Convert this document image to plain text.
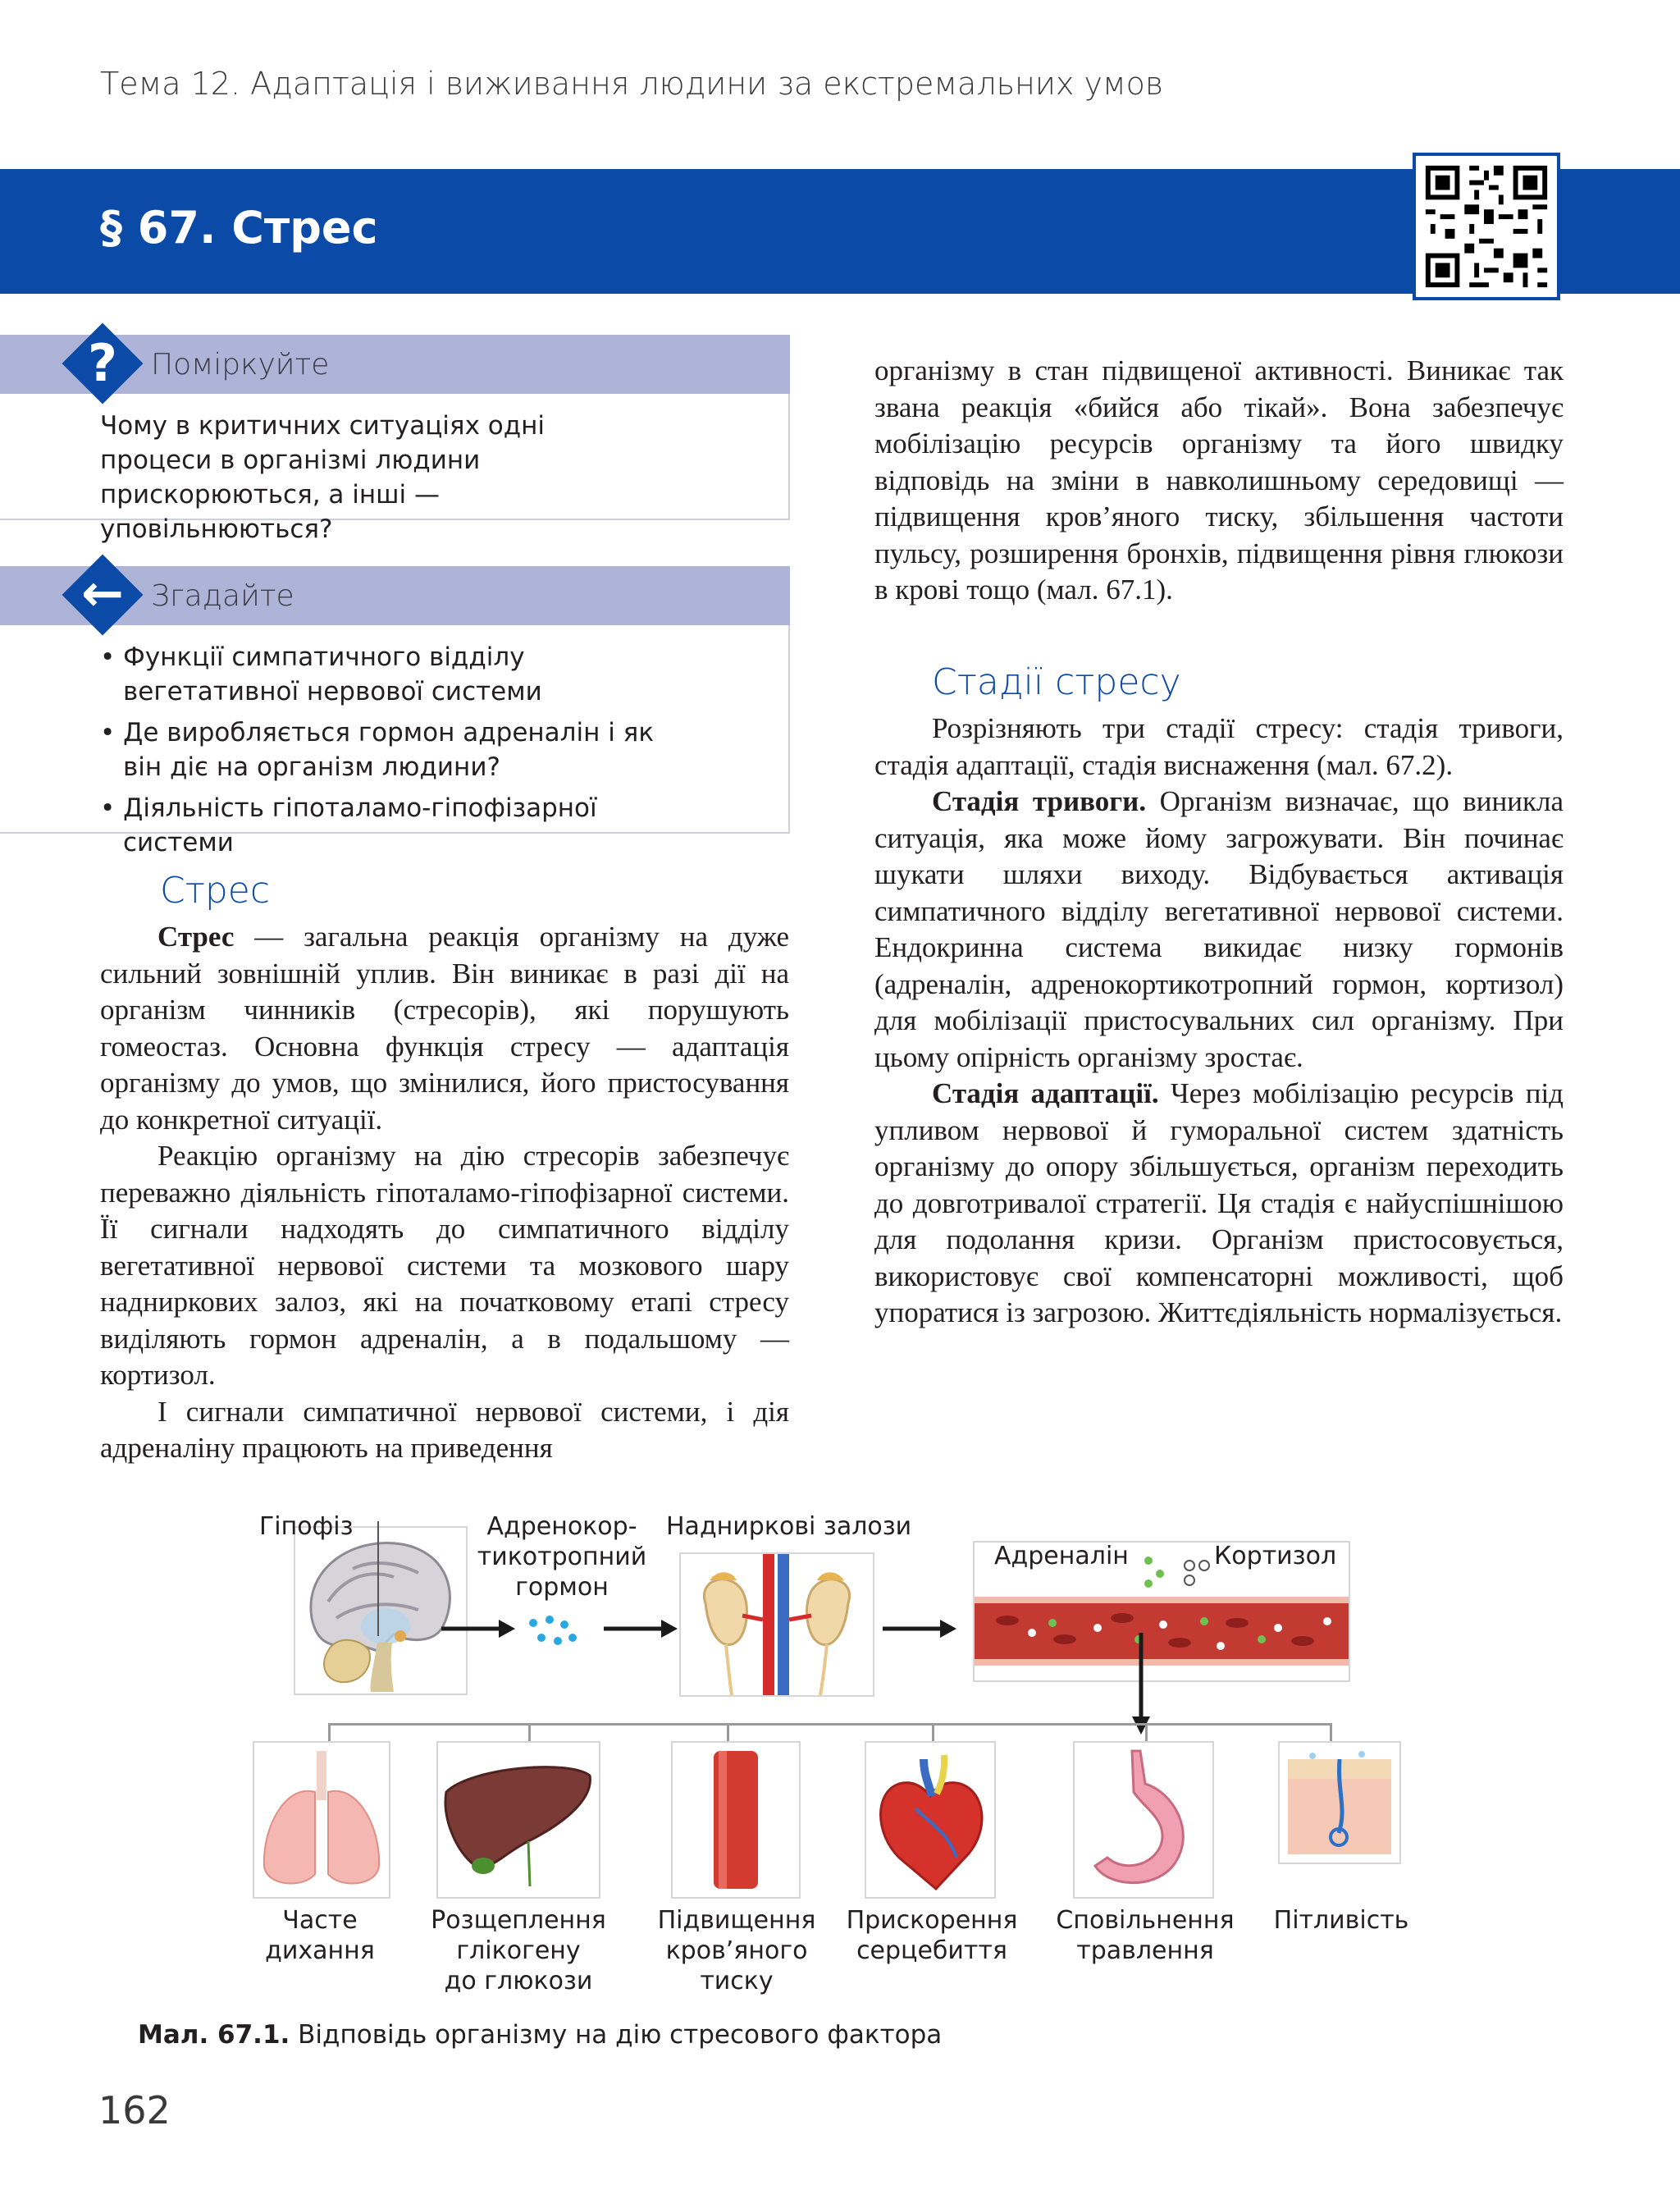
Тема 12. Адаптація і виживання людини за екстремальних умов
§ 67. Стрес
?	Поміркуйте
Чому в критичних ситуаціях одні процеси в організмі людини прискорюються, а інші — уповільнюються?
← Згадайте
• Функції симпатичного відділу вегетативної нервової системи
• Де виробляється гормон адреналін і як він діє на організм людини?
• Діяльність гіпоталамо-гіпофізарної системи
Стрес

Стрес — загальна реакція організму на дуже сильний зовнішній уплив. Він виникає в разі дії на організм чинників (стресорів), які порушують гомеостаз. Основна функція стресу — адаптація організму до умов, що змінилися, його пристосування до конкретної ситуації.

Реакцію організму на дію стресорів забезпечує переважно діяльність гіпоталамо-гіпофізарної системи. Її сигнали надходять до симпатичного відділу вегетативної нервової системи та мозкового шару надниркових залоз, які на початковому етапі стресу виділяють гормон адреналін, а в подальшому — кортизол.

І сигнали симпатичної нервової системи, і дія адреналіну працюють на приведення

організму в стан підвищеної активності. Виникає так звана реакція «бийся або тікай». Вона забезпечує мобілізацію ресурсів організму та його швидку відповідь на зміни в навколишньому середовищі — підвищення кров’яного тиску, збільшення частоти пульсу, розширення бронхів, підвищення рівня глюкози в крові тощо (мал. 67.1).

Стадії стресу

Розрізняють три стадії стресу: стадія тривоги, стадія адаптації, стадія виснаження (мал. 67.2).

Стадія тривоги. Організм визначає, що виникла ситуація, яка може йому загрожувати. Він починає шукати шляхи виходу. Відбувається активація симпатичного відділу вегетативної нервової системи. Ендокринна система викидає низку гормонів (адреналін, адренокортикотропний гормон, кортизол) для мобілізації пристосувальних сил організму. При цьому опірність організму зростає.

Стадія адаптації. Через мобілізацію ресурсів під упливом нервової й гуморальної систем здатність організму до опору збільшується, організм переходить до довготривалої стратегії. Ця стадія є найуспішнішою для подолання кризи. Організм пристосовується, використовує свої компенсаторні можливості, щоб упоратися із загрозою. Життєдіяльність нормалізується.

Гіпофіз	Адренокор-
тикотропний
гормон
Надниркові залози
Адреналін	Кортизол
Часте
дихання
Розщеплення
глікогену
до глюкози
Підвищення
кров’яного
тиску
Прискорення
серцебиття
Сповільнення
травлення
Пітливість
Мал. 67.1. Відповідь організму на дію стресового фактора
162
